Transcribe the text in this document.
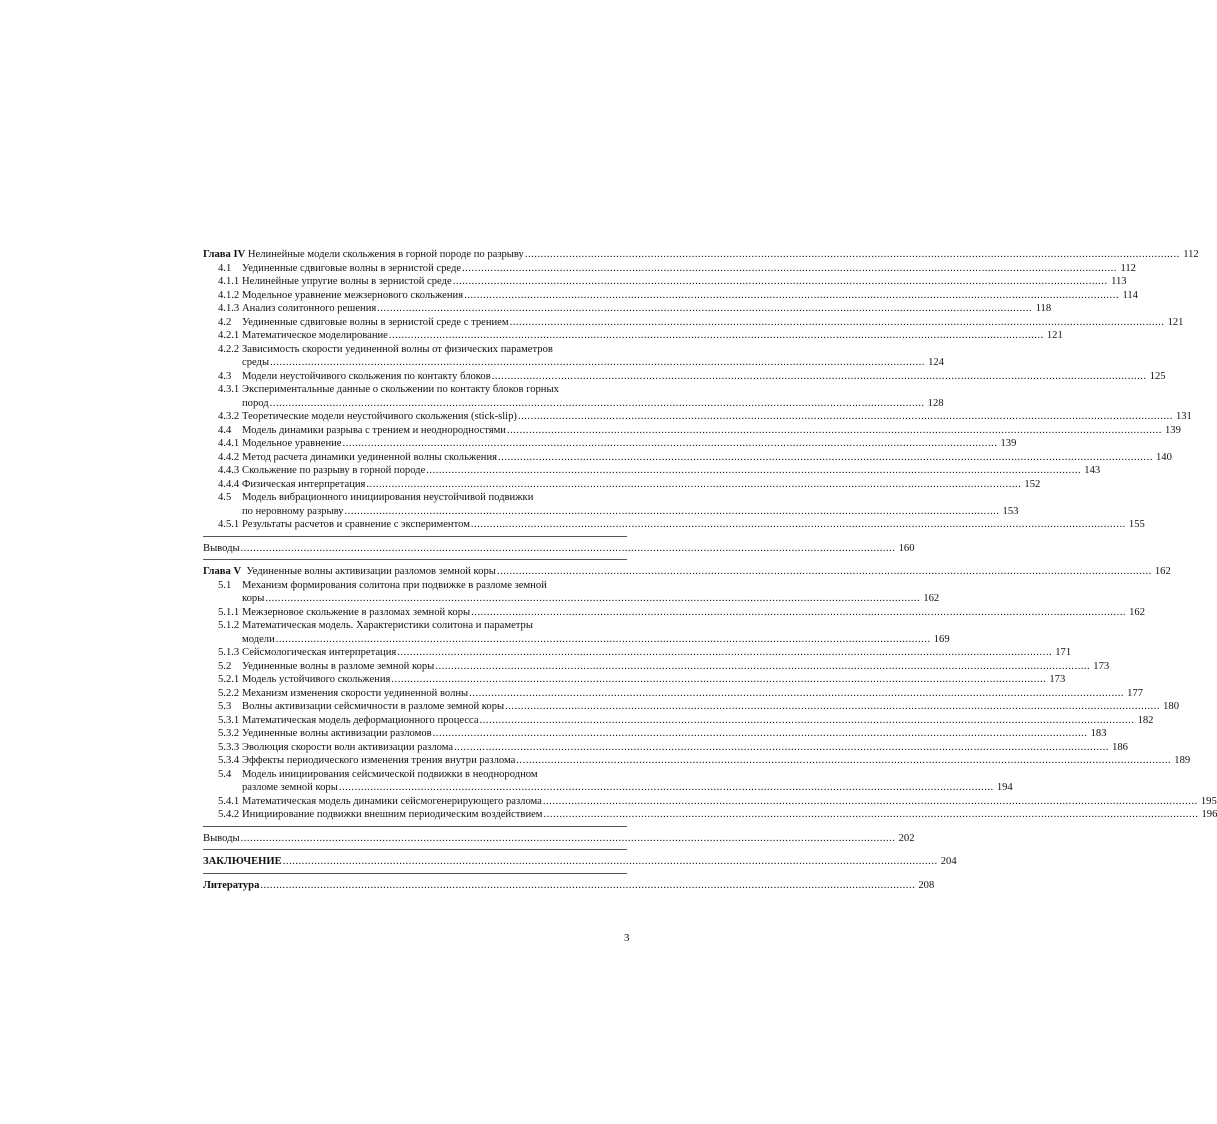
Глава IV Нелинейные модели скольжения в горной породе по разрыву .....	112
4.1	Уединенные сдвиговые волны в зернистой среде .....	112
4.1.1 Нелинейные упругие волны в зернистой среде .....	113
4.1.2 Модельное уравнение межзернового скольжения .....	114
4.1.3 Анализ солитонного решения .....	118
4.2	Уединенные сдвиговые волны в зернистой среде с трением .....	121
4.2.1 Математическое моделирование .....	121
4.2.2 Зависимость скорости уединенной волны от физических параметров
среды .....	124
4.3	Модели неустойчивого скольжения по контакту блоков .....	125
4.3.1 Экспериментальные данные о скольжении по контакту блоков горных
пород .....	128
4.3.2 Теоретические модели неустойчивого скольжения (stick-slip) .....	131
4.4	Модель динамики разрыва с трением и неоднородностями .....	139
4.4.1 Модельное уравнение .....	139
4.4.2 Метод расчета динамики уединенной волны скольжения .....	140
4.4.3 Скольжение по разрыву в горной породе .....	143
4.4.4 Физическая интерпретация .....	152
4.5	Модель вибрационного инициирования неустойчивой подвижки
по неровному разрыву .....	153
4.5.1 Результаты расчетов и сравнение с экспериментом .....	155
Выводы .....	160
Глава V Уединенные волны активизации разломов земной коры .....	162
5.1	Механизм формирования солитона при подвижке в разломе земной
коры .....	162
5.1.1 Межзерновое скольжение в разломах земной коры .....	162
5.1.2 Математическая модель. Характеристики солитона и параметры
модели .....	169
5.1.3 Сейсмологическая интерпретация .....	171
5.2	Уединенные волны в разломе земной коры .....	173
5.2.1 Модель устойчивого скольжения .....	173
5.2.2 Механизм изменения скорости уединенной волны .....	177
5.3	Волны активизации сейсмичности в разломе земной коры .....	180
5.3.1 Математическая модель деформационного процесса .....	182
5.3.2 Уединенные волны активизации разломов .....	183
5.3.3 Эволюция скорости волн активизации разлома .....	186
5.3.4 Эффекты периодического изменения трения внутри разлома .....	189
5.4	Модель инициирования сейсмической подвижки в неоднородном
разломе земной коры .....	194
5.4.1 Математическая модель динамики сейсмогенерирующего разлома .....	195
5.4.2 Инициирование подвижки внешним периодическим воздействием .....	196
Выводы .....	202
ЗАКЛЮЧЕНИЕ .....	204
Литература .....	208
3
